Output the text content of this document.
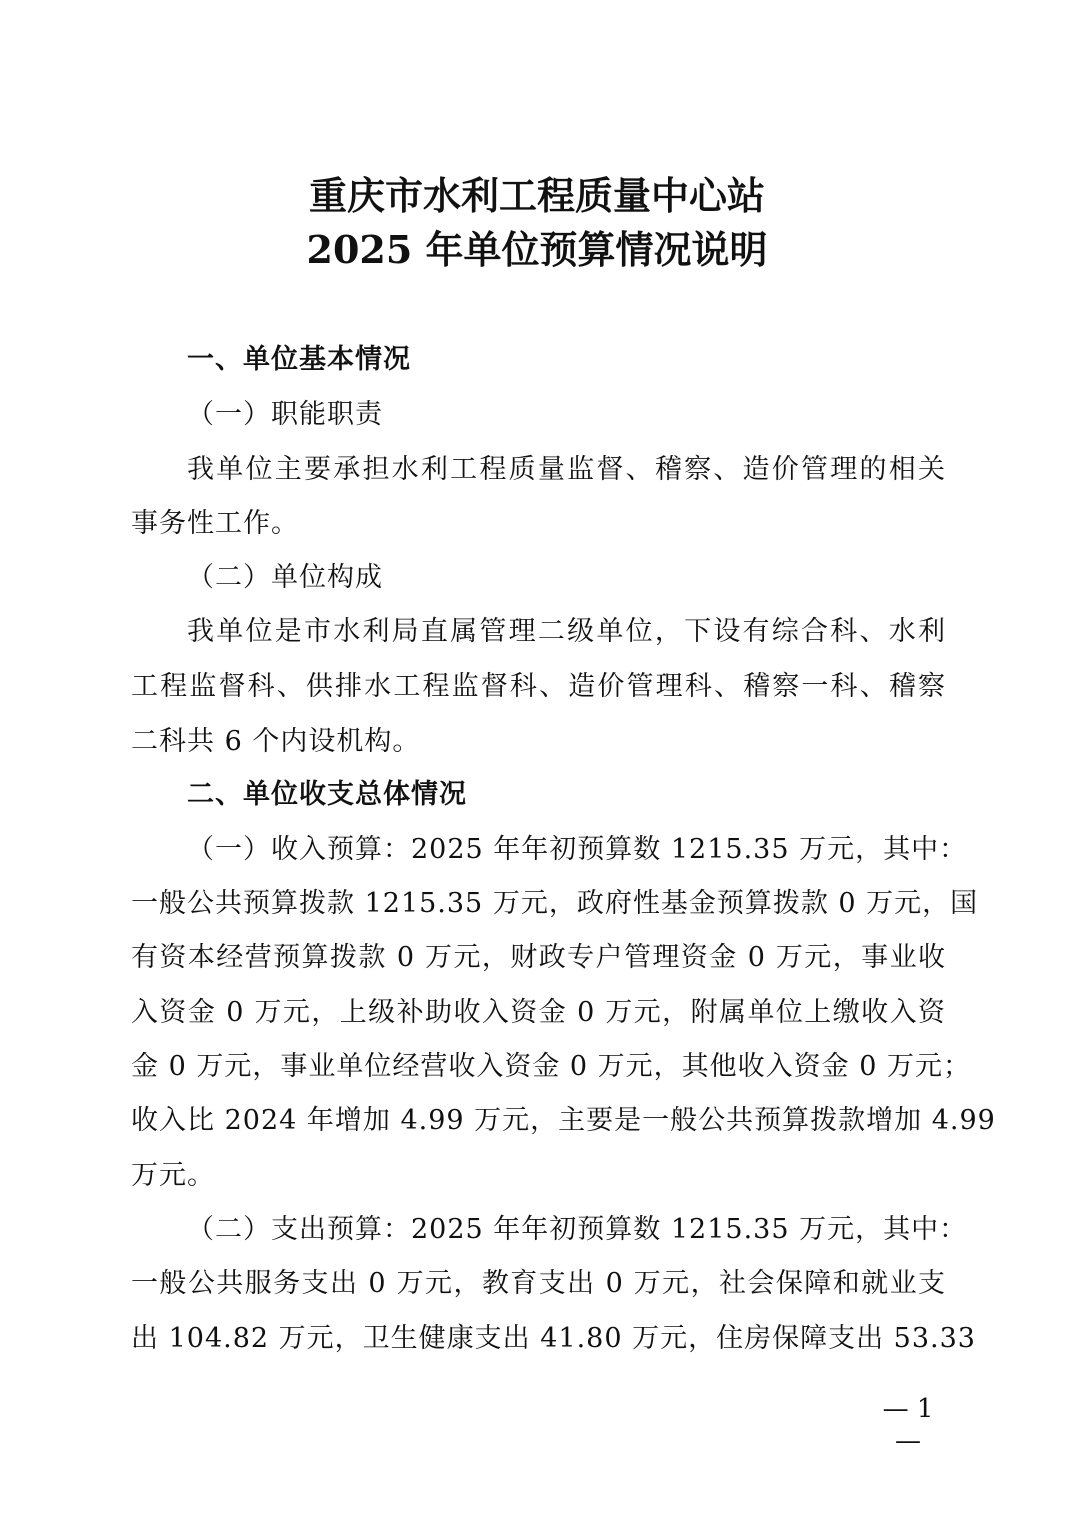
重庆市水利工程质量中心站
2025 年单位预算情况说明
一、单位基本情况
（一）职能职责
我单位主要承担水利工程质量监督、稽察、造价管理的相关
事务性工作。
（二）单位构成
我单位是市水利局直属管理二级单位，下设有综合科、水利
工程监督科、供排水工程监督科、造价管理科、稽察一科、稽察
二科共 6 个内设机构。
二、单位收支总体情况
（一）收入预算：2025 年年初预算数 1215.35 万元，其中：
一般公共预算拨款 1215.35 万元，政府性基金预算拨款 0 万元，国
有资本经营预算拨款 0 万元，财政专户管理资金 0 万元，事业收
入资金 0 万元，上级补助收入资金 0 万元，附属单位上缴收入资
金 0 万元，事业单位经营收入资金 0 万元，其他收入资金 0 万元；
收入比 2024 年增加 4.99 万元，主要是一般公共预算拨款增加 4.99
万元。
（二）支出预算：2025 年年初预算数 1215.35 万元，其中：
一般公共服务支出 0 万元，教育支出 0 万元，社会保障和就业支
出 104.82 万元，卫生健康支出 41.80 万元，住房保障支出 53.33
— 1 —
